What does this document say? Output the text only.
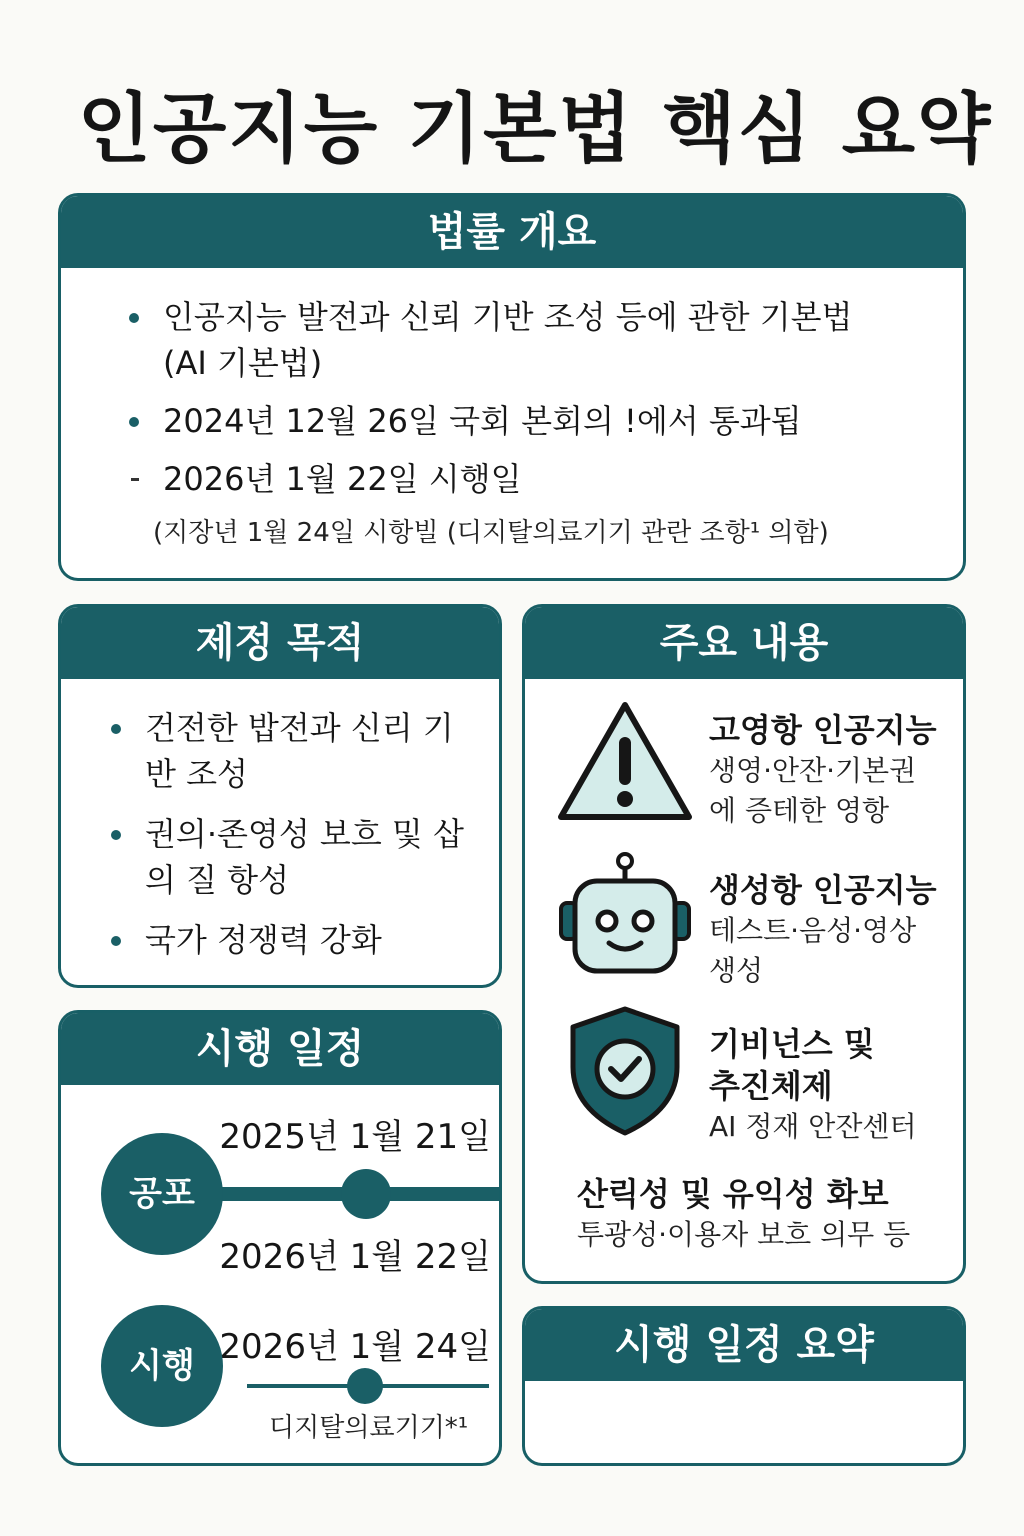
인공지능 기본법 핵심 요약
법률 개요
인공지능 발전과 신뢰 기반 조성 등에 관한 기본법 (AI 기본법)
2024년 12월 26일 국회 본회의 !에서 통과됩
2026년 1월 22일 시행일
(지장년 1월 24일 시항빌 (디지탈의료기기 관란 조항¹ 의함)
제정 목적
건전한 밥전과 신리 기반 조성
권의·존영성 보흐 및 삽의 질 항성
국가 정쟁력 강화
시행 일정
2025년 1월 21일
공포
2026년 1월 22일
2026년 1월 24일
시행
디지탈의료기기*¹
주요 내용
고영항 인공지능
생영·안잔·기본권
에 증테한 영항
생성항 인공지능
테스트·음성·영상
생성
기비넌스 및
추진체제
AI 정재 안잔센터
산릭성 및 유익성 화보
투광성·이용자 보흐 의무 등
시행 일정 요약
